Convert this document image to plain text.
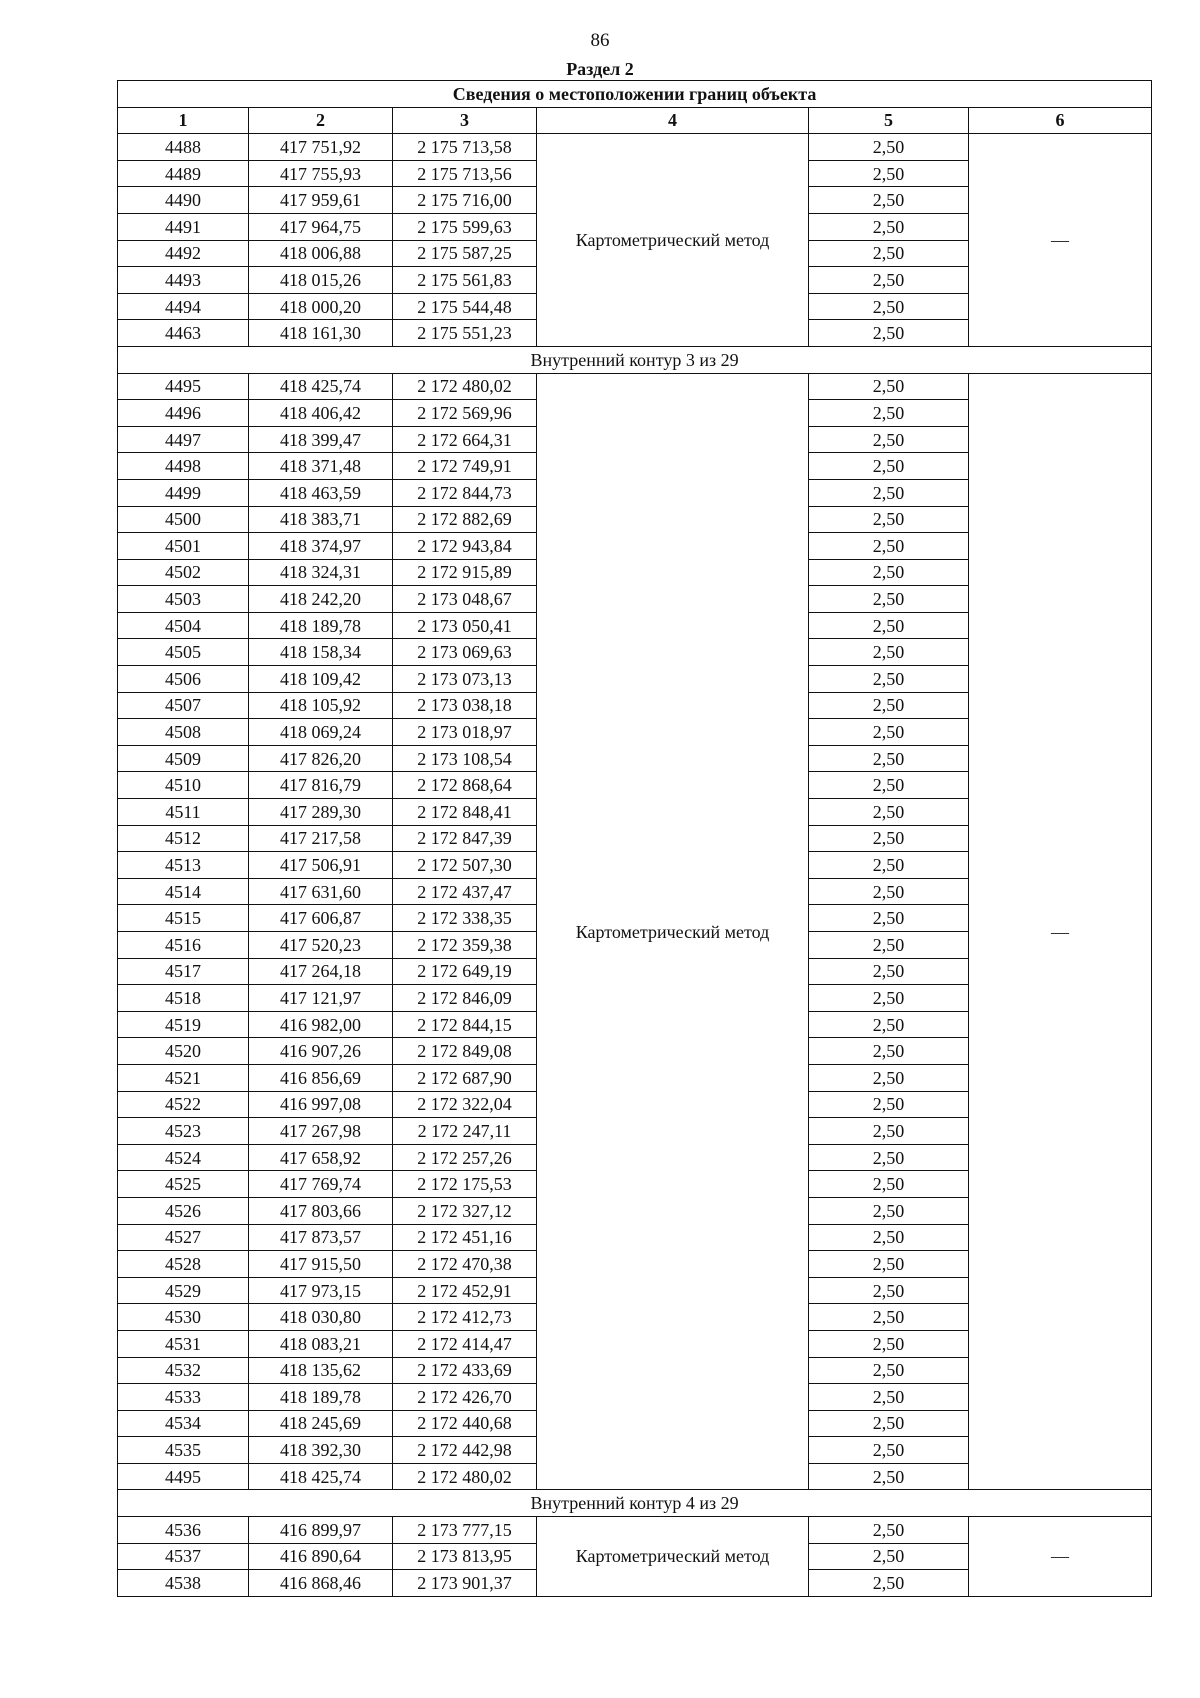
86
Раздел 2
Сведения о местоположении границ объекта					
1	2	3	4	5	6
4488	417 751,92	2 175 713,58	Картометрический метод	2,50	—
4489	417 755,93	2 175 713,56		2,50	
4490	417 959,61	2 175 716,00		2,50	
4491	417 964,75	2 175 599,63		2,50	
4492	418 006,88	2 175 587,25		2,50	
4493	418 015,26	2 175 561,83		2,50	
4494	418 000,20	2 175 544,48		2,50	
4463	418 161,30	2 175 551,23		2,50	
Внутренний контур 3 из 29					
4495	418 425,74	2 172 480,02	Картометрический метод	2,50	—
4496	418 406,42	2 172 569,96		2,50	
4497	418 399,47	2 172 664,31		2,50	
4498	418 371,48	2 172 749,91		2,50	
4499	418 463,59	2 172 844,73		2,50	
4500	418 383,71	2 172 882,69		2,50	
4501	418 374,97	2 172 943,84		2,50	
4502	418 324,31	2 172 915,89		2,50	
4503	418 242,20	2 173 048,67		2,50	
4504	418 189,78	2 173 050,41		2,50	
4505	418 158,34	2 173 069,63		2,50	
4506	418 109,42	2 173 073,13		2,50	
4507	418 105,92	2 173 038,18		2,50	
4508	418 069,24	2 173 018,97		2,50	
4509	417 826,20	2 173 108,54		2,50	
4510	417 816,79	2 172 868,64		2,50	
4511	417 289,30	2 172 848,41		2,50	
4512	417 217,58	2 172 847,39		2,50	
4513	417 506,91	2 172 507,30		2,50	
4514	417 631,60	2 172 437,47		2,50	
4515	417 606,87	2 172 338,35		2,50	
4516	417 520,23	2 172 359,38		2,50	
4517	417 264,18	2 172 649,19		2,50	
4518	417 121,97	2 172 846,09		2,50	
4519	416 982,00	2 172 844,15		2,50	
4520	416 907,26	2 172 849,08		2,50	
4521	416 856,69	2 172 687,90		2,50	
4522	416 997,08	2 172 322,04		2,50	
4523	417 267,98	2 172 247,11		2,50	
4524	417 658,92	2 172 257,26		2,50	
4525	417 769,74	2 172 175,53		2,50	
4526	417 803,66	2 172 327,12		2,50	
4527	417 873,57	2 172 451,16		2,50	
4528	417 915,50	2 172 470,38		2,50	
4529	417 973,15	2 172 452,91		2,50	
4530	418 030,80	2 172 412,73		2,50	
4531	418 083,21	2 172 414,47		2,50	
4532	418 135,62	2 172 433,69		2,50	
4533	418 189,78	2 172 426,70		2,50	
4534	418 245,69	2 172 440,68		2,50	
4535	418 392,30	2 172 442,98		2,50	
4495	418 425,74	2 172 480,02		2,50	
Внутренний контур 4 из 29					
4536	416 899,97	2 173 777,15	Картометрический метод	2,50	—
4537	416 890,64	2 173 813,95		2,50	
4538	416 868,46	2 173 901,37		2,50	
